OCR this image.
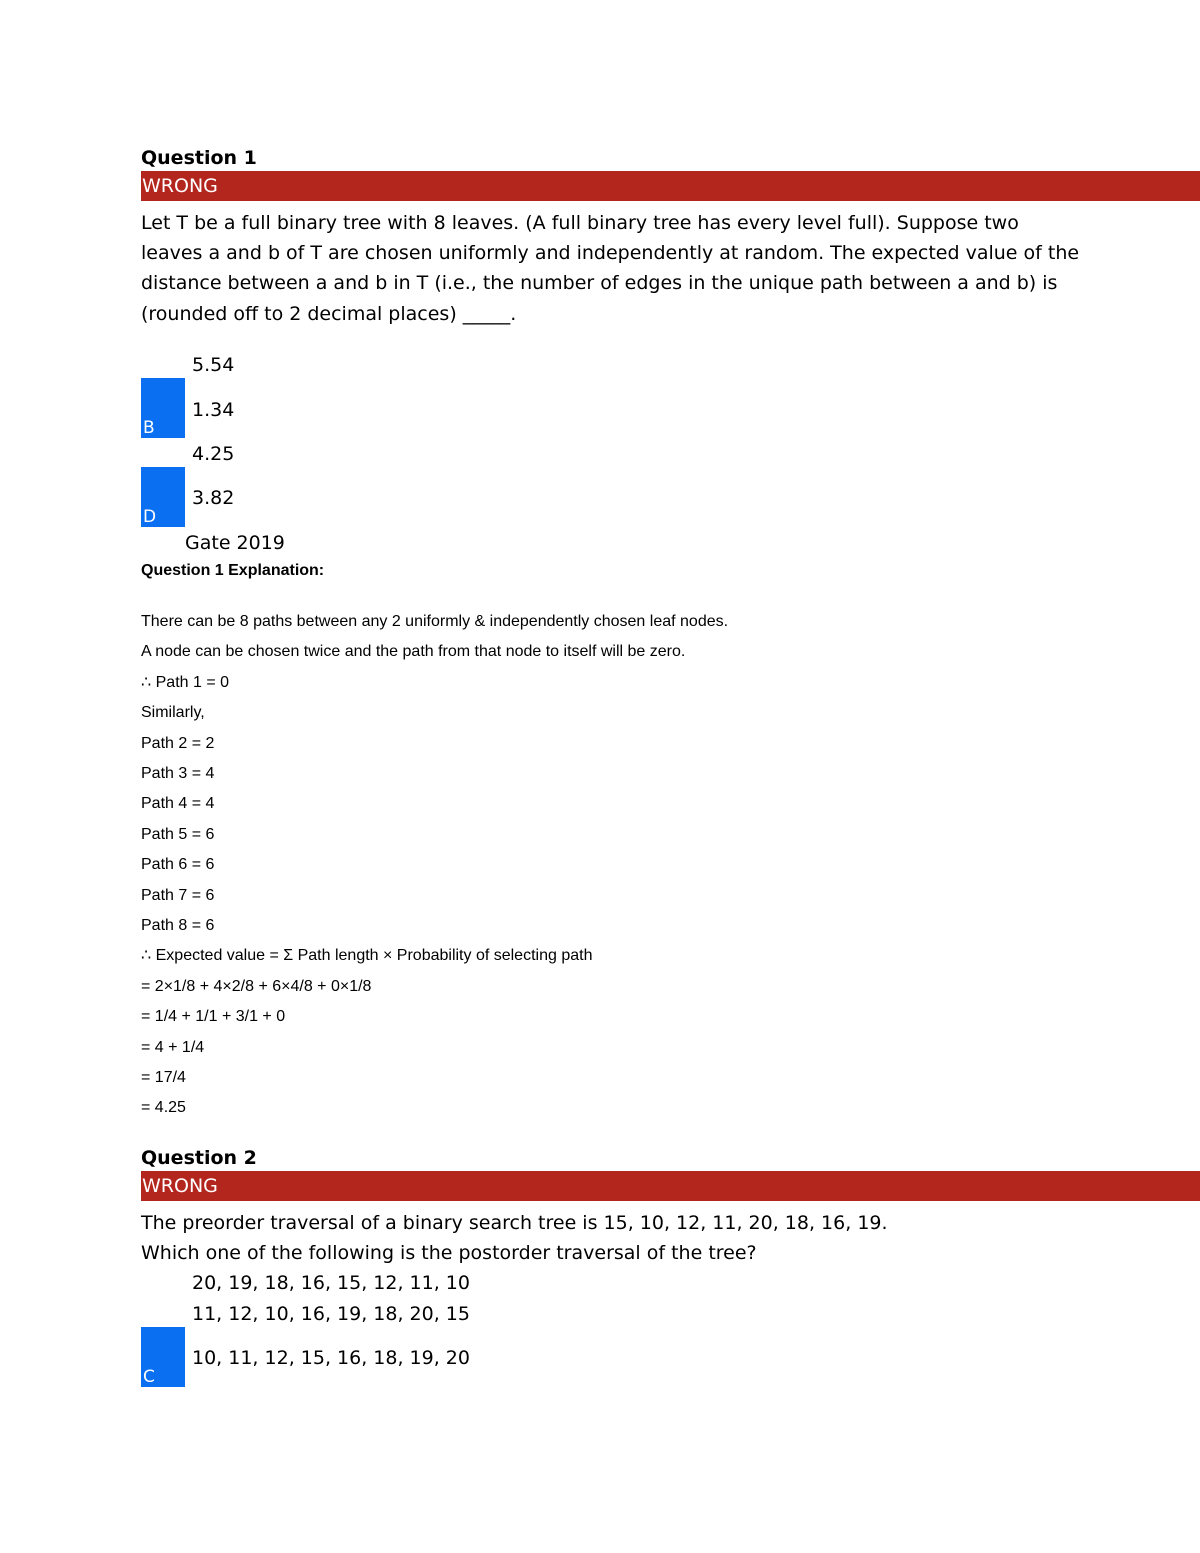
Question 1
WRONG
Let T be a full binary tree with 8 leaves. (A full binary tree has every level full). Suppose two leaves a and b of T are chosen uniformly and independently at random. The expected value of the distance between a and b in T (i.e., the number of edges in the unique path between a and b) is (rounded off to 2 decimal places) _____.
5.54
B
1.34
4.25
D
3.82
Gate 2019
Question 1 Explanation:
There can be 8 paths between any 2 uniformly & independently chosen leaf nodes.
A node can be chosen twice and the path from that node to itself will be zero.
∴ Path 1 = 0
Similarly,
Path 2 = 2
Path 3 = 4
Path 4 = 4
Path 5 = 6
Path 6 = 6
Path 7 = 6
Path 8 = 6
∴ Expected value = Σ Path length × Probability of selecting path
= 2×1/8 + 4×2/8 + 6×4/8 + 0×1/8
= 1/4 + 1/1 + 3/1 + 0
= 4 + 1/4
= 17/4
= 4.25
Question 2
WRONG
The preorder traversal of a binary search tree is 15, 10, 12, 11, 20, 18, 16, 19.
Which one of the following is the postorder traversal of the tree?
20, 19, 18, 16, 15, 12, 11, 10
11, 12, 10, 16, 19, 18, 20, 15
C
10, 11, 12, 15, 16, 18, 19, 20
